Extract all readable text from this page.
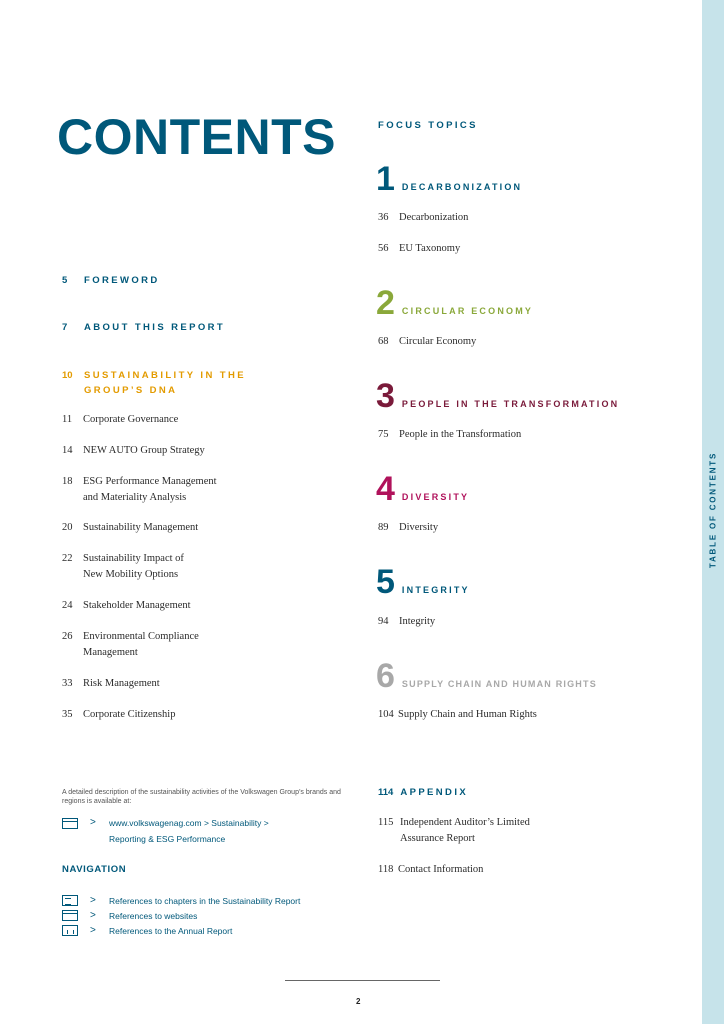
TABLE OF CONTENTS
CONTENTS
5 FOREWORD
7 ABOUT THIS REPORT
10 SUSTAINABILITY IN THE
GROUP’S DNA
11 Corporate Governance
14 NEW AUTO Group Strategy
18 ESG Performance Management
and Materiality Analysis
20 Sustainability Management
22 Sustainability Impact of
New Mobility Options
24 Stakeholder Management
26 Environmental Compliance
Management
33 Risk Management
35 Corporate Citizenship
FOCUS TOPICS
1 DECARBONIZATION
36 Decarbonization
56 EU Taxonomy
2 CIRCULAR ECONOMY
68 Circular Economy
3 PEOPLE IN THE TRANSFORMATION
75 People in the Transformation
4 DIVERSITY
89 Diversity
5 INTEGRITY
94 Integrity
6 SUPPLY CHAIN AND HUMAN RIGHTS
104 Supply Chain and Human Rights
114 APPENDIX
115 Independent Auditor’s Limited
Assurance Report
118 Contact Information
A detailed description of the sustainability activities of the Volkswagen Group’s brands and regions is available at:
>	www.volkswagenag.com > Sustainability >
Reporting & ESG Performance
NAVIGATION
>	References to chapters in the Sustainability Report
>	References to websites
>	References to the Annual Report
2
